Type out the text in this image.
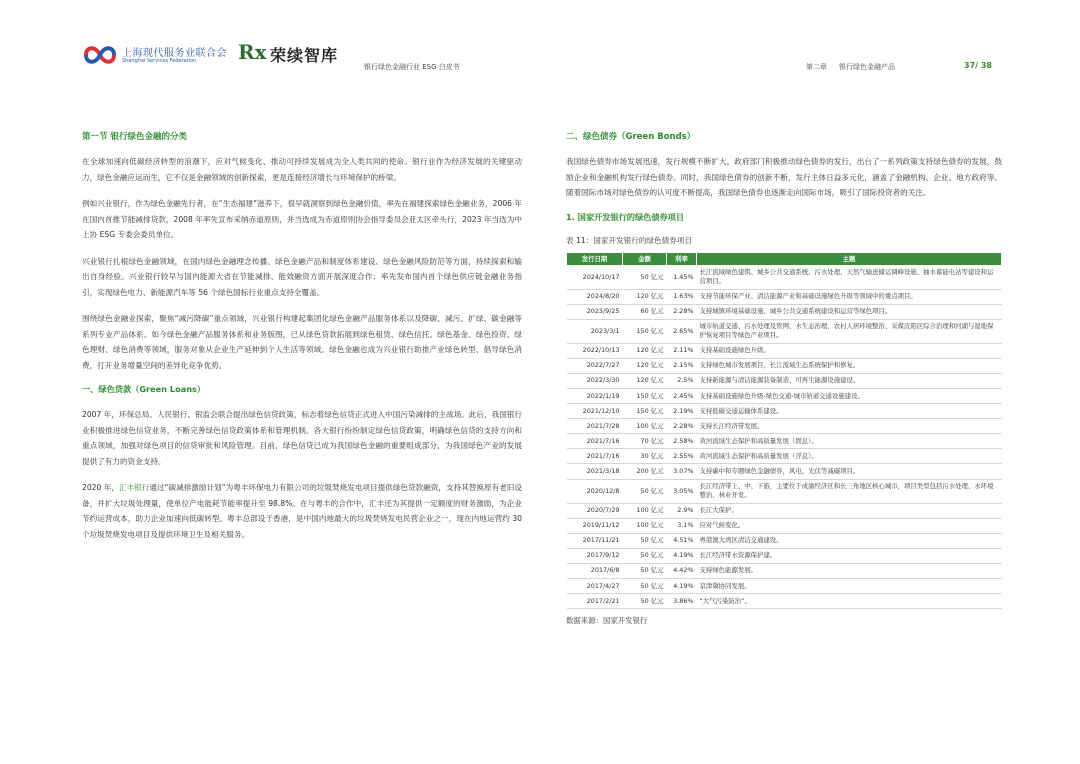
上海现代服务业联合会
Shanghai Services Federation Rx 荣续智库
银行绿色金融行业 ESG 白皮书	第二章 银行绿色金融产品	37/ 38
第一节 银行绿色金融的分类

在全球加速向低碳经济转型的浪潮下，应对气候变化、推动可持续发展成为全人类共同的使命。银行业作为经济发展的关键驱动力，绿色金融应运而生，它不仅是金融领域的创新探索，更是连接经济增长与环境保护的桥梁。

例如兴业银行，作为绿色金融先行者，在“生态福建”滋养下，很早就洞察到绿色金融价值，率先在福建探索绿色金融业务，2006 年在国内首推节能减排贷款，2008 年率先宣布采纳赤道原则，并当选成为赤道原则协会指导委员会亚太区牵头行，2023 年当选为中上协 ESG 专委会委员单位。

兴业银行扎根绿色金融领域，在国内绿色金融理念传播、绿色金融产品和制度体系建设、绿色金融风险防范等方面，持续探索和输出自身经验。兴业银行较早与国内能源大省在节能减排、能效融资方面开展深度合作；率先发布国内首个绿色供应链金融业务指引，实现绿色电力、新能源汽车等 56 个绿色国标行业重点支持全覆盖。

围绕绿色金融业探索，聚焦“减污降碳”重点领域，兴业银行构建起集团化绿色金融产品服务体系以及降碳、减污、扩绿、碳金融等系列专业产品体系。如今绿色金融产品服务体系和业务版图，已从绿色贷款拓展到绿色租赁、绿色信托、绿色基金、绿色投资、绿色理财、绿色消费等领域，服务对象从企业生产延伸到个人生活等领域。绿色金融也成为兴业银行助推产业绿色转型、倡导绿色消费，打开业务增量空间的差异化竞争优势。

一、绿色贷款（Green Loans）

2007 年，环保总局、人民银行、银监会联合提出绿色信贷政策，标志着绿色信贷正式进入中国污染减排的主战场。此后，我国银行业积极推进绿色信贷业务，不断完善绿色信贷政策体系和管理机制。各大银行纷纷制定绿色信贷政策，明确绿色信贷的支持方向和重点领域，加强对绿色项目的信贷审批和风险管理。目前，绿色信贷已成为我国绿色金融的重要组成部分，为我国绿色产业的发展提供了有力的资金支持。

2020 年，汇丰银行通过“碳减排激励计划”为粤丰环保电力有限公司的垃圾焚烧发电项目提供绿色贷款融资，支持其替换原有老旧设备，并扩大垃圾处理量，使单位产电能耗节能率提升至 98.8%。在与粤丰的合作中，汇丰还为其提供一定额度的财务激励，为企业节约运营成本，助力企业加速向低碳转型。粤丰总部设于香港，是中国内地最大的垃圾焚烧发电民营企业之一，现在内地运营约 30 个垃圾焚烧发电项目及提供环境卫生及相关服务。

二、绿色债券（Green Bonds）

我国绿色债券市场发展迅速，发行规模不断扩大。政府部门积极推动绿色债券的发行，出台了一系列政策支持绿色债券的发展，鼓励企业和金融机构发行绿色债券。同时，我国绿色债券的创新不断，发行主体日益多元化，涵盖了金融机构、企业、地方政府等。随着国际市场对绿色债券的认可度不断提高，我国绿色债券也逐渐走向国际市场，吸引了国际投资者的关注。

1. 国家开发银行的绿色债券项目
表 11：国家开发银行的绿色债券项目
发行日期	金额	利率	主题
2024/10/17	50 亿元	1.45%	长江流域绿色建筑、城乡公共交通系统、污水处理、天然气输送储运调峰设施、抽水蓄能电站等建设和运营项目。
2024/8/20	120 亿元	1.63%	支持节能环保产业、清洁能源产业和基础设施绿色升级等领域中的重点项目。
2023/9/25	60 亿元	2.28%	支持城镇环境基础设施、城乡公共交通系统建设和运营等绿色项目。
2023/3/1	150 亿元	2.65%	城市轨道交通、污水处理及管网、水生态治理、农村人居环境整治、采煤沉陷区综合治理和河湖与湿地保护恢复项目等绿色产业项目。
2022/10/13	120 亿元	2.11%	支持基础设施绿色升级。
2022/7/27	120 亿元	2.15%	支持绿色城市发展项目，长江流域生态系统保护和修复。
2022/3/30	120 亿元	2.5%	支持新能源与清洁能源装备制造、可再生能源设施建设。
2022/1/19	150 亿元	2.45%	支持基础设施绿色升级-绿色交通-城市轨道交通设施建设。
2021/12/10	150 亿元	2.19%	支持低碳交通运输体系建设。
2021/7/28	100 亿元	2.28%	支持长江经济带发展。
2021/7/16	70 亿元	2.58%	黄河流域生态保护和高质量发展（固息）。
2021/7/16	30 亿元	2.55%	黄河流域生态保护和高质量发展（浮息）。
2021/3/18	200 亿元	3.07%	支持碳中和专题绿色金融债券，风电、光伏等减碳项目。
2020/12/8	50 亿元	3.05%	长江经济带上、中、下游，主要位于成渝经济区和长三角地区核心城市，项目类型包括污水处理、水环境整治、林业开发。
2020/7/29	100 亿元	2.9%	长江大保护。
2019/11/12	100 亿元	3.1%	应对气候变化。
2017/11/21	50 亿元	4.51%	粤港澳大湾区清洁交通建设。
2017/9/12	50 亿元	4.19%	长江经济带水资源保护建。
2017/6/8	50 亿元	4.42%	支持绿色能源发展。
2017/4/27	50 亿元	4.19%	京津冀协同发展。
2017/2/21	50 亿元	3.86%	“大气污染防治”。
数据来源：国家开发银行
